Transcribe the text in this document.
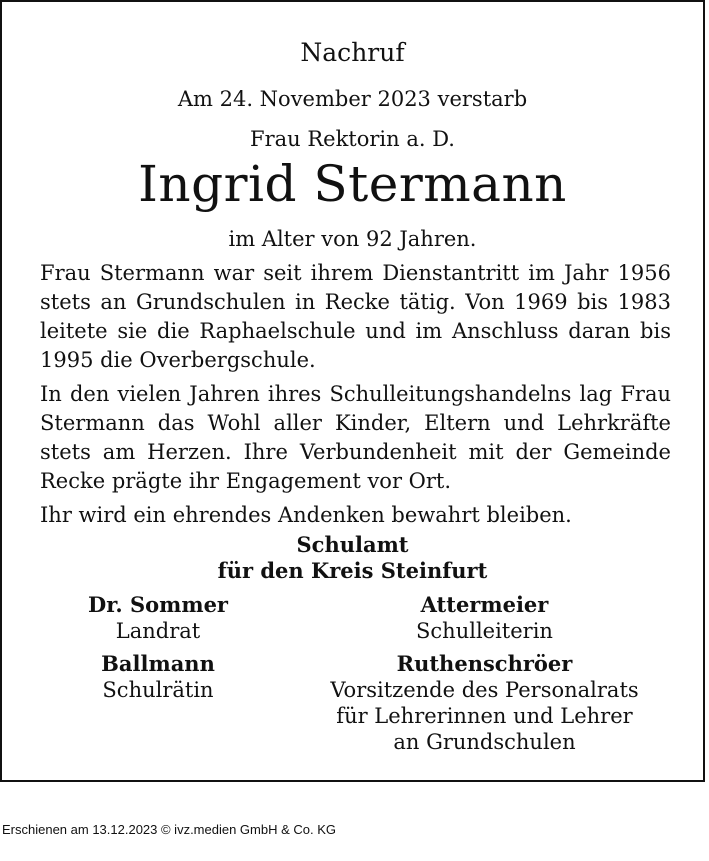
Nachruf
Am 24. November 2023 verstarb
Frau Rektorin a. D.
Ingrid Stermann
im Alter von 92 Jahren.

Frau Stermann war seit ihrem Dienstantritt im Jahr 1956 stets an Grundschulen in Recke tätig. Von 1969 bis 1983 leitete sie die Raphaelschule und im Anschluss daran bis 1995 die Overbergschule.

In den vielen Jahren ihres Schulleitungshandelns lag Frau Stermann das Wohl aller Kinder, Eltern und Lehrkräfte stets am Herzen. Ihre Verbundenheit mit der Gemeinde Recke prägte ihr Engagement vor Ort.

Ihr wird ein ehrendes Andenken bewahrt bleiben.

Schulamt
für den Kreis Steinfurt
Dr. Sommer
Landrat
Attermeier
Schulleiterin
Ballmann
Schulrätin
Ruthenschröer
Vorsitzende des Personalrats
für Lehrerinnen und Lehrer
an Grundschulen
Erschienen am 13.12.2023 © ivz.medien GmbH & Co. KG
